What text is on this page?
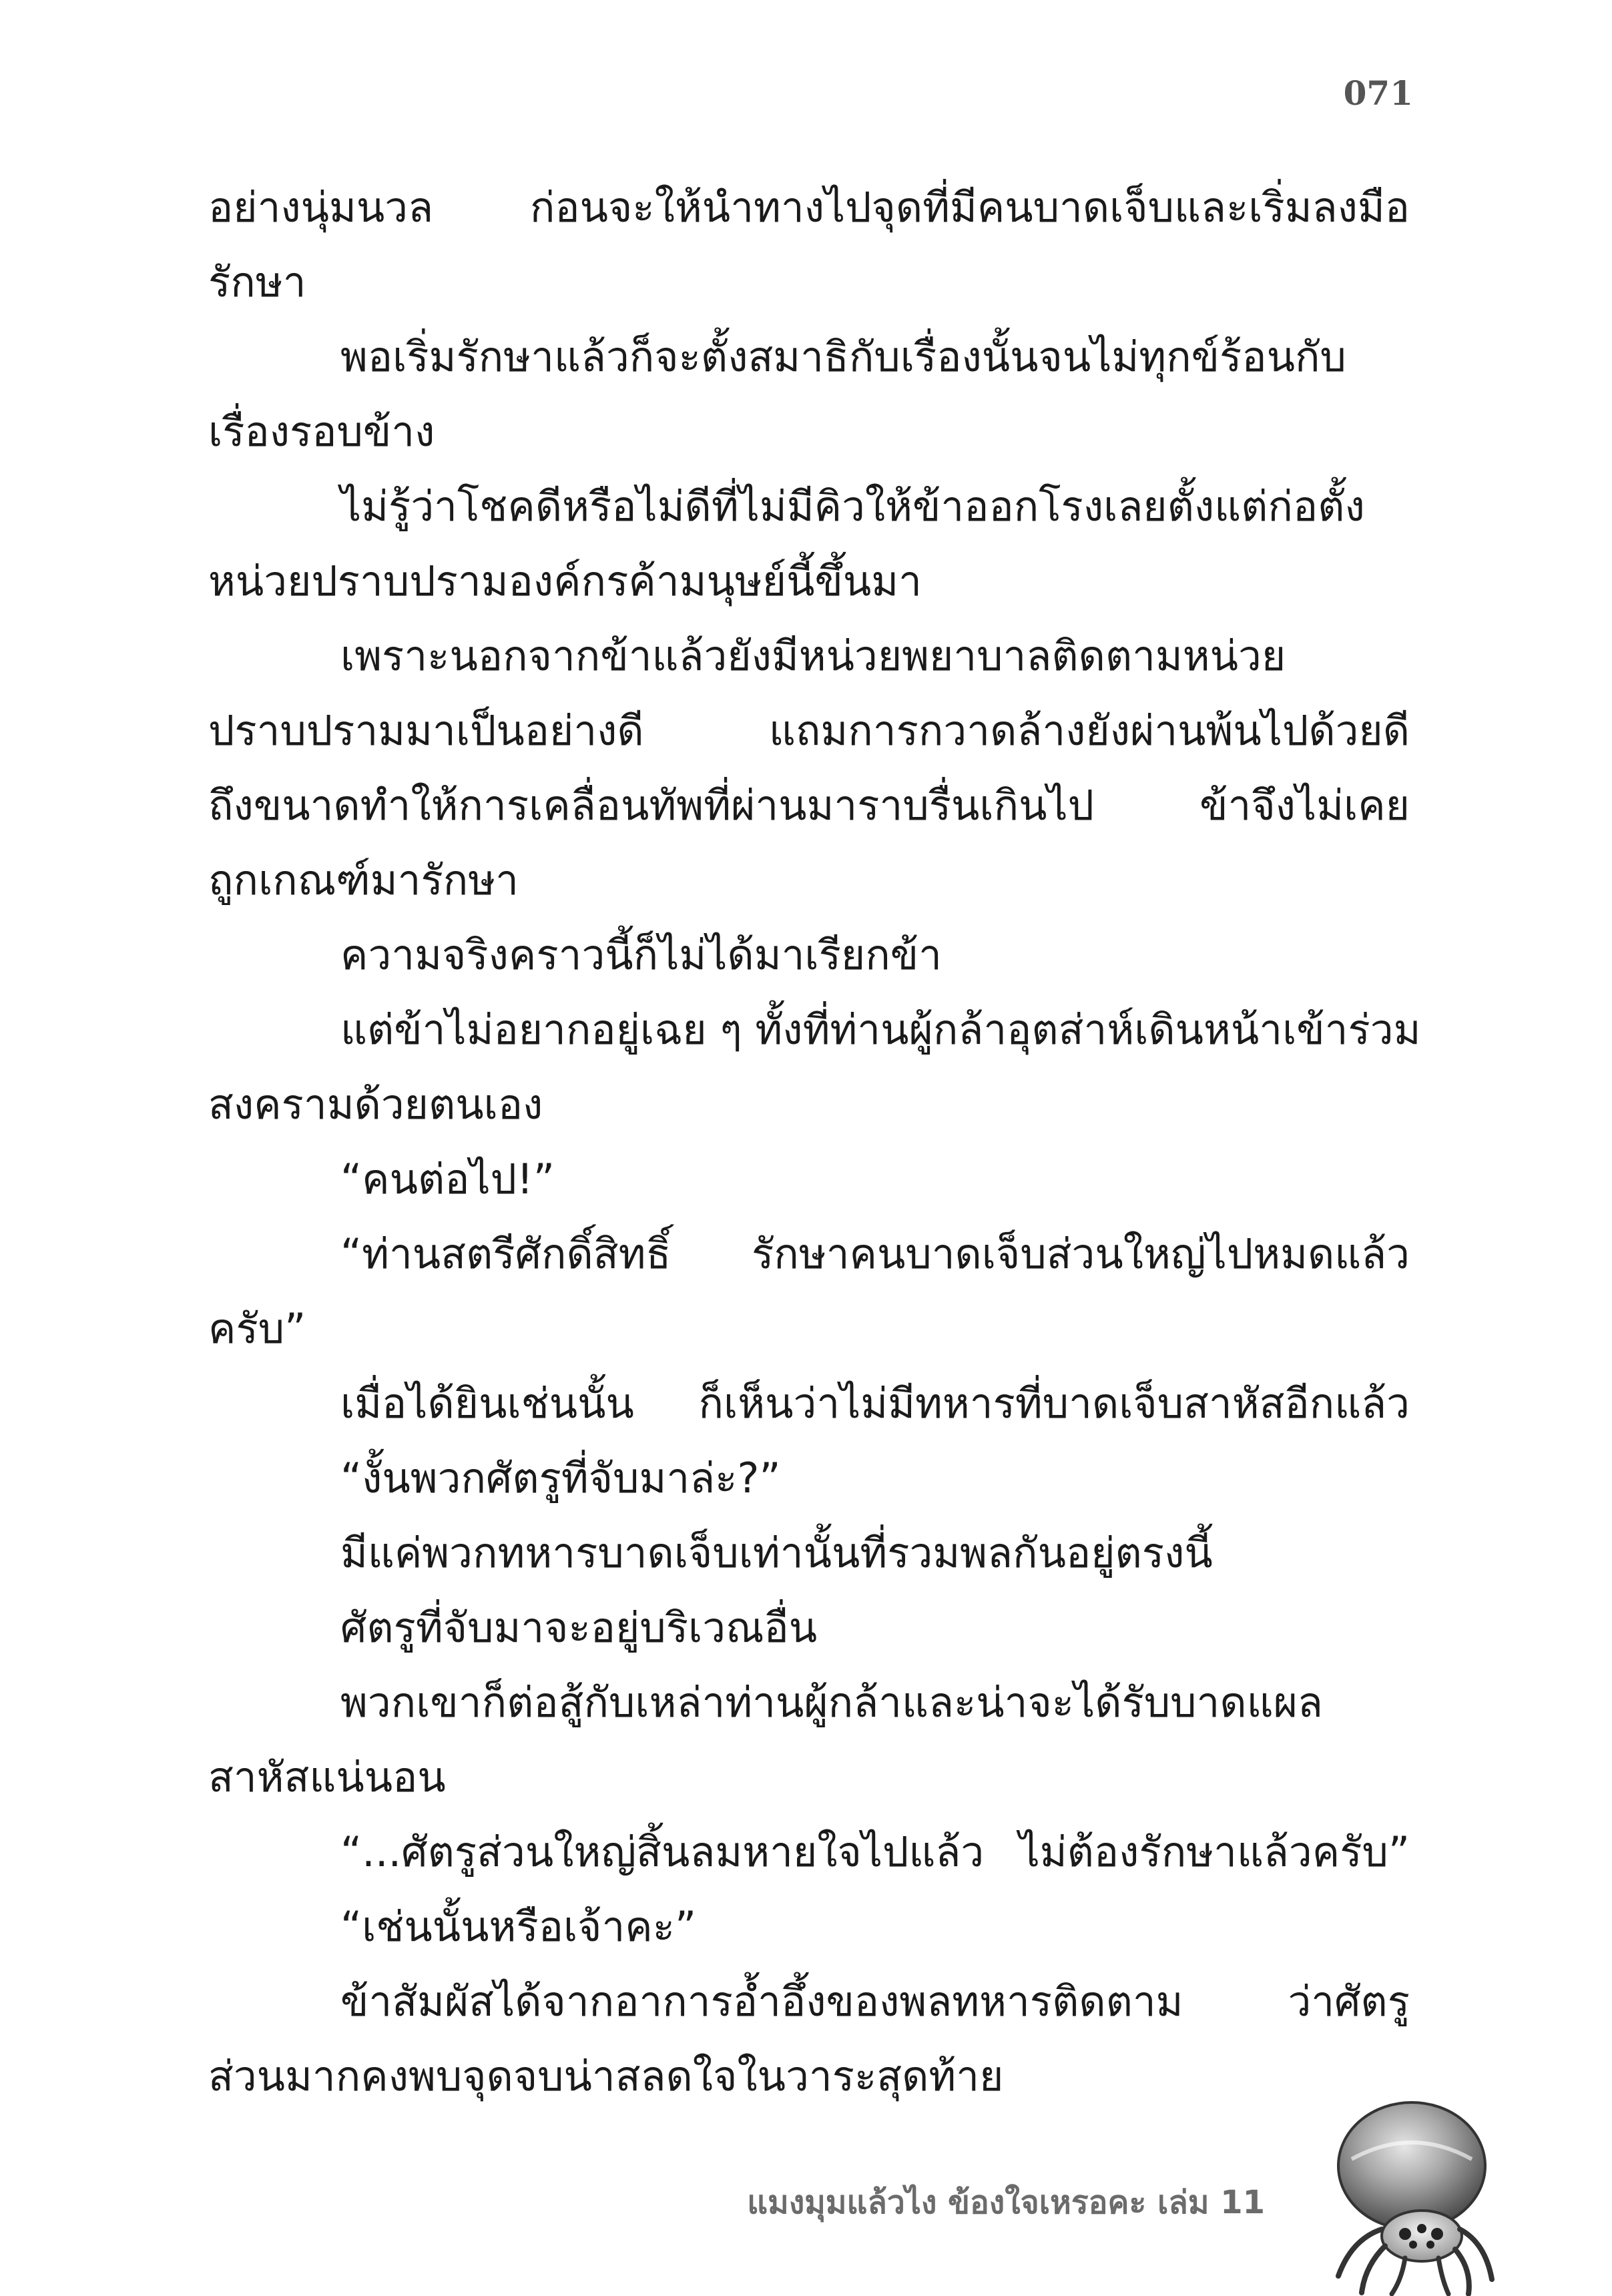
071
อย่างนุ่มนวล ก่อนจะให้นำทางไปจุดที่มีคนบาดเจ็บและเริ่มลงมือ
รักษา
พอเริ่มรักษาแล้วก็จะตั้งสมาธิกับเรื่องนั้นจนไม่ทุกข์ร้อนกับ
เรื่องรอบข้าง
ไม่รู้ว่าโชคดีหรือไม่ดีที่ไม่มีคิวให้ข้าออกโรงเลยตั้งแต่ก่อตั้ง
หน่วยปราบปรามองค์กรค้ามนุษย์นี้ขึ้นมา
เพราะนอกจากข้าแล้วยังมีหน่วยพยาบาลติดตามหน่วย
ปราบปรามมาเป็นอย่างดี แถมการกวาดล้างยังผ่านพ้นไปด้วยดี
ถึงขนาดทำให้การเคลื่อนทัพที่ผ่านมาราบรื่นเกินไป ข้าจึงไม่เคย
ถูกเกณฑ์มารักษา
ความจริงคราวนี้ก็ไม่ได้มาเรียกข้า
แต่ข้าไม่อยากอยู่เฉย ๆ ทั้งที่ท่านผู้กล้าอุตส่าห์เดินหน้าเข้าร่วม
สงครามด้วยตนเอง
“คนต่อไป!”
“ท่านสตรีศักดิ์สิทธิ์ รักษาคนบาดเจ็บส่วนใหญ่ไปหมดแล้ว
ครับ”
เมื่อได้ยินเช่นนั้น ก็เห็นว่าไม่มีทหารที่บาดเจ็บสาหัสอีกแล้ว
“งั้นพวกศัตรูที่จับมาล่ะ?”
มีแค่พวกทหารบาดเจ็บเท่านั้นที่รวมพลกันอยู่ตรงนี้
ศัตรูที่จับมาจะอยู่บริเวณอื่น
พวกเขาก็ต่อสู้กับเหล่าท่านผู้กล้าและน่าจะได้รับบาดแผล
สาหัสแน่นอน
“...ศัตรูส่วนใหญ่สิ้นลมหายใจไปแล้ว ไม่ต้องรักษาแล้วครับ”
“เช่นนั้นหรือเจ้าคะ”
ข้าสัมผัสได้จากอาการอ้ำอึ้งของพลทหารติดตาม ว่าศัตรู
ส่วนมากคงพบจุดจบน่าสลดใจในวาระสุดท้าย
แมงมุมแล้วไง ข้องใจเหรอคะ เล่ม 11
